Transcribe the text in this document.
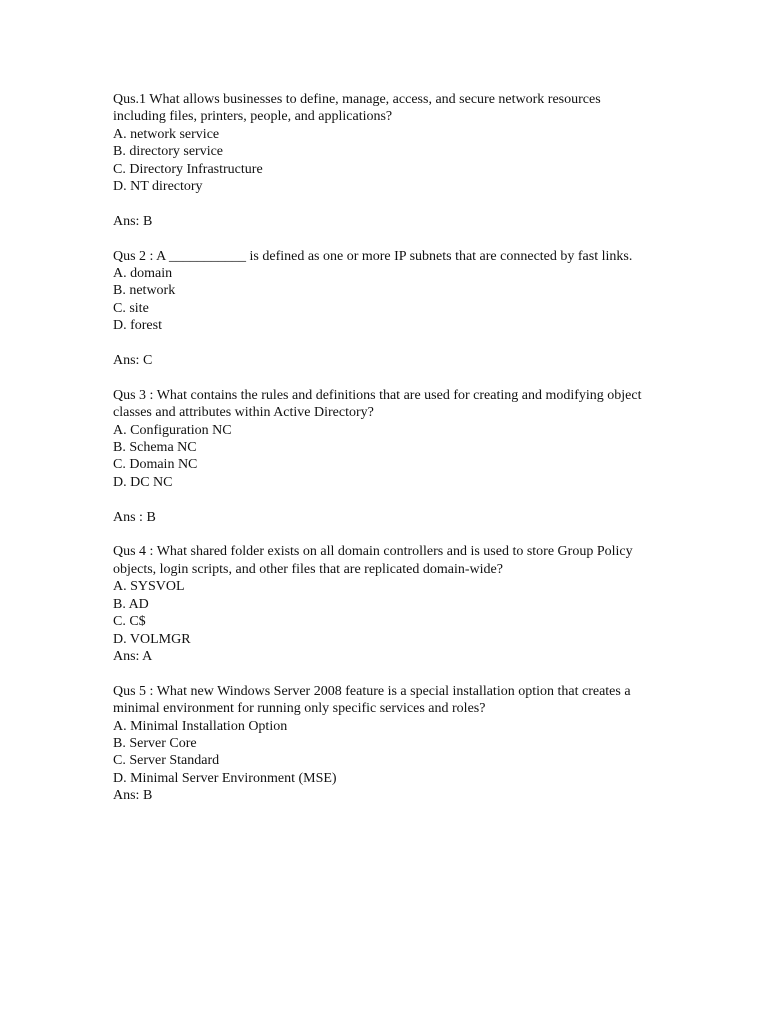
Qus.1 What allows businesses to define, manage, access, and secure network resources including files, printers, people, and applications?

A. network service
B. directory service
C. Directory Infrastructure
D. NT directory

Ans: B

Qus 2 : A ___________ is defined as one or more IP subnets that are connected by fast links.

A. domain
B. network
C. site
D. forest

Ans: C

Qus 3 : What contains the rules and definitions that are used for creating and modifying object classes and attributes within Active Directory?

A. Configuration NC
B. Schema NC
C. Domain NC
D. DC NC

Ans : B

Qus 4 : What shared folder exists on all domain controllers and is used to store Group Policy objects, login scripts, and other files that are replicated domain-wide?

A. SYSVOL
B. AD
C. C$
D. VOLMGR

Ans: A

Qus 5 : What new Windows Server 2008 feature is a special installation option that creates a minimal environment for running only specific services and roles?

A. Minimal Installation Option
B. Server Core
C. Server Standard
D. Minimal Server Environment (MSE)

Ans: B
